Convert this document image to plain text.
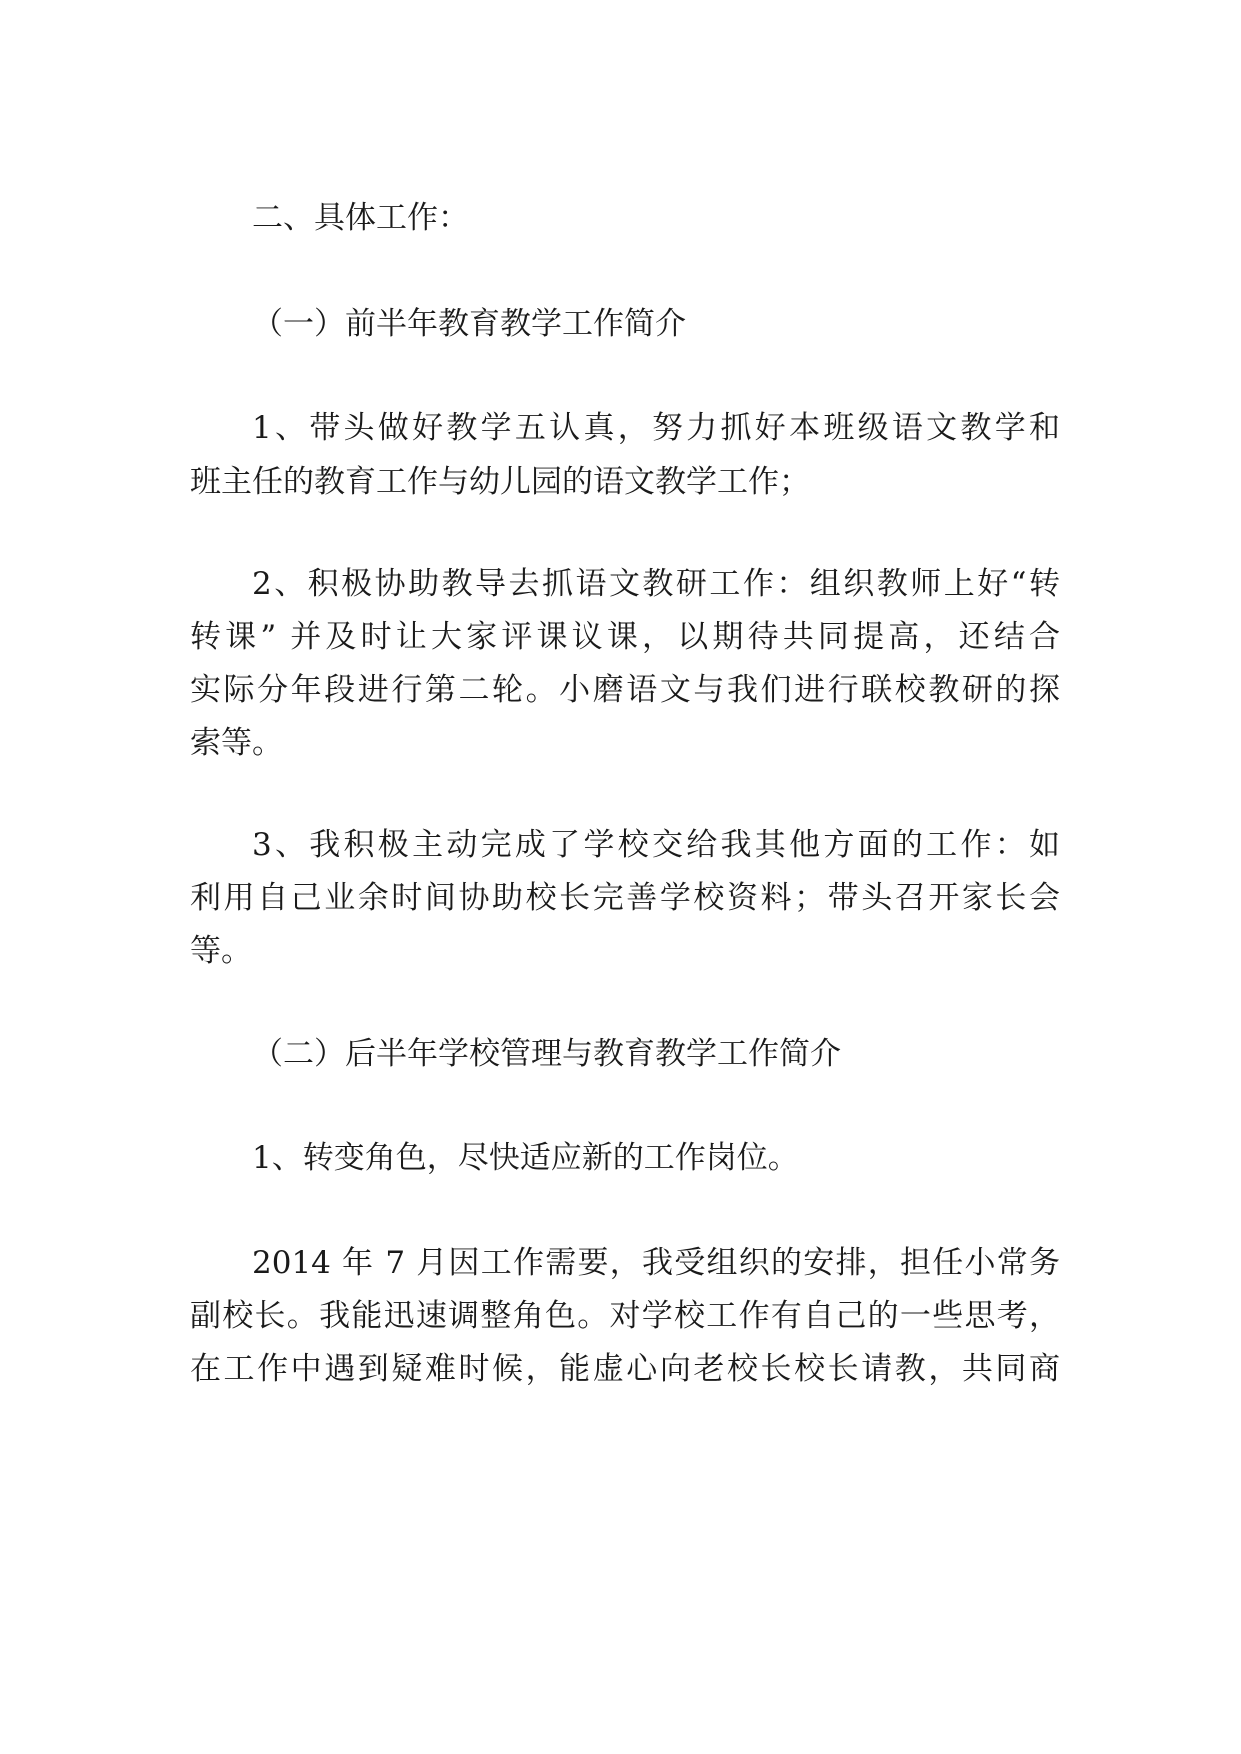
二、具体工作：
（一）前半年教育教学工作简介
1、带头做好教学五认真，努力抓好本班级语文教学和
班主任的教育工作与幼儿园的语文教学工作；
2、积极协助教导去抓语文教研工作：组织教师上好“转
转课” 并及时让大家评课议课，以期待共同提高，还结合
实际分年段进行第二轮。小磨语文与我们进行联校教研的探
索等。
3、我积极主动完成了学校交给我其他方面的工作：如
利用自己业余时间协助校长完善学校资料；带头召开家长会
等。
（二）后半年学校管理与教育教学工作简介
1、转变角色，尽快适应新的工作岗位。
2014 年 7 月因工作需要，我受组织的安排，担任小常务
副校长。我能迅速调整角色。对学校工作有自己的一些思考，
在工作中遇到疑难时候，能虚心向老校长校长请教，共同商
